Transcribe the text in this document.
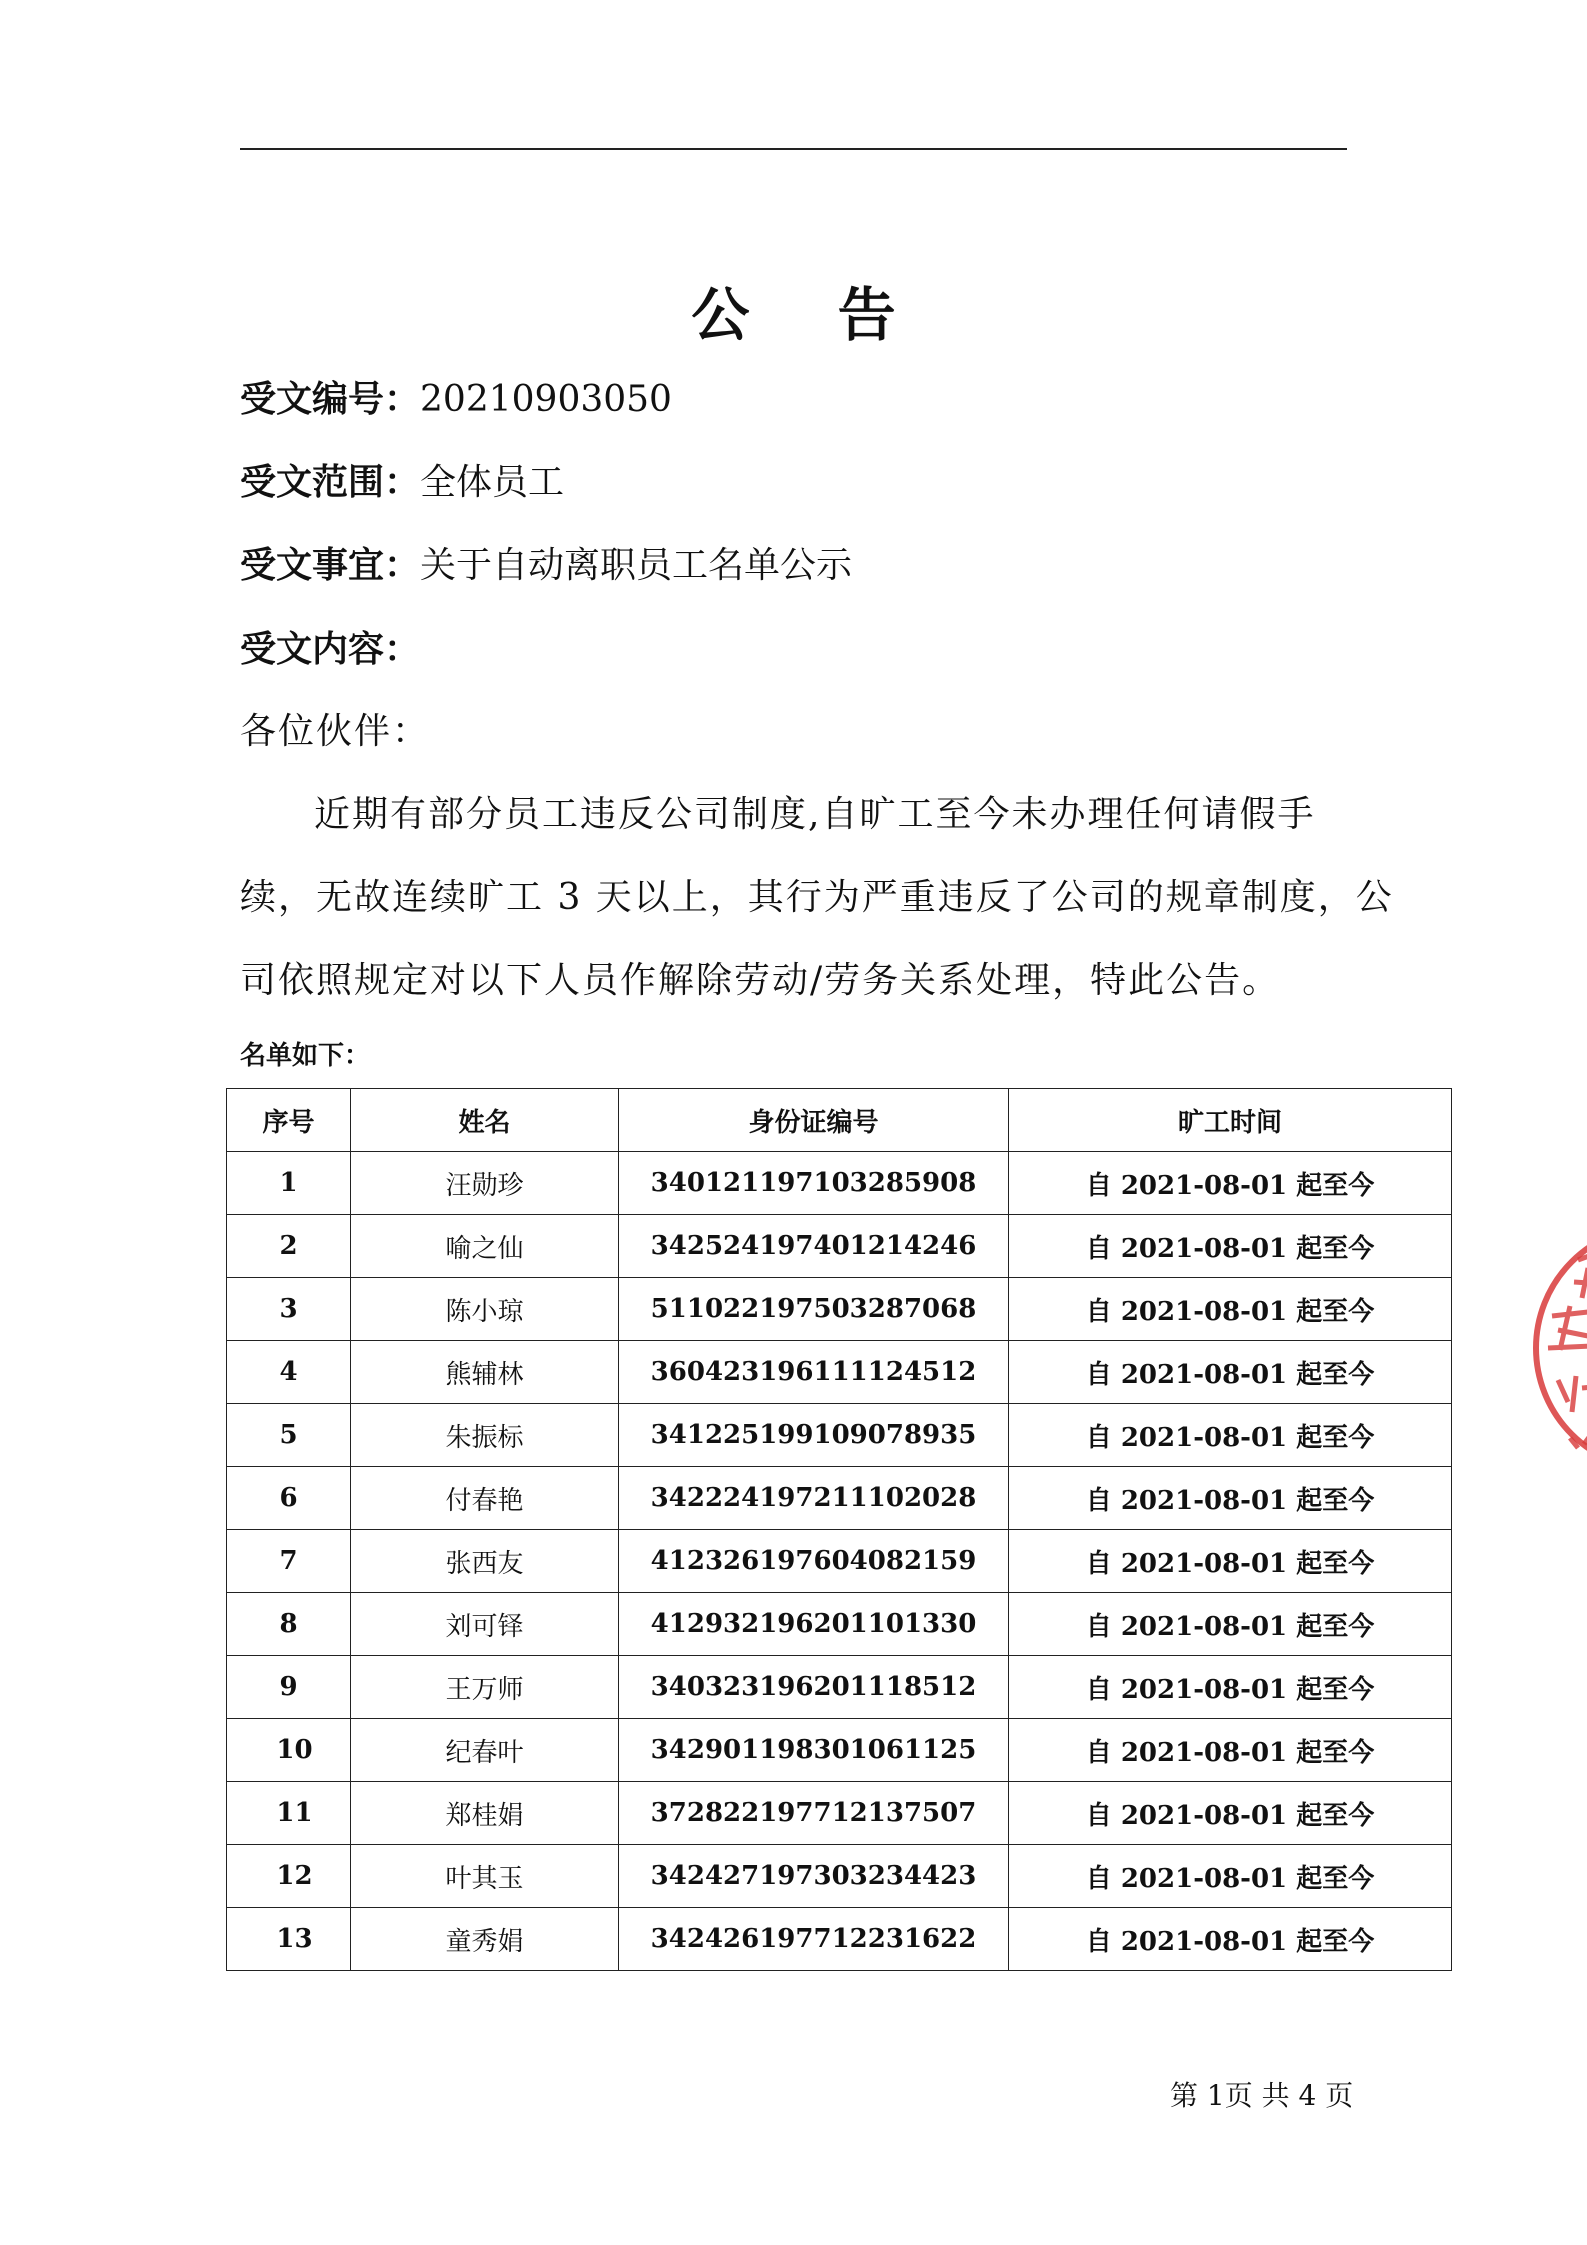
公 告
受文编号：20210903050
受文范围：全体员工
受文事宜：关于自动离职员工名单公示
受文内容：
各位伙伴：
近期有部分员工违反公司制度,自旷工至今未办理任何请假手
续，无故连续旷工 3 天以上，其行为严重违反了公司的规章制度，公
司依照规定对以下人员作解除劳动/劳务关系处理，特此公告。
名单如下：
序号	姓名	身份证编号	旷工时间
1	汪勋珍	340121197103285908	自 2021-08-01 起至今
2	喻之仙	342524197401214246	自 2021-08-01 起至今
3	陈小琼	511022197503287068	自 2021-08-01 起至今
4	熊辅林	360423196111124512	自 2021-08-01 起至今
5	朱振标	341225199109078935	自 2021-08-01 起至今
6	付春艳	342224197211102028	自 2021-08-01 起至今
7	张西友	412326197604082159	自 2021-08-01 起至今
8	刘可铎	412932196201101330	自 2021-08-01 起至今
9	王万师	340323196201118512	自 2021-08-01 起至今
10	纪春叶	342901198301061125	自 2021-08-01 起至今
11	郑桂娟	372822197712137507	自 2021-08-01 起至今
12	叶其玉	342427197303234423	自 2021-08-01 起至今
13	童秀娟	342426197712231622	自 2021-08-01 起至今
第 1页 共 4 页
